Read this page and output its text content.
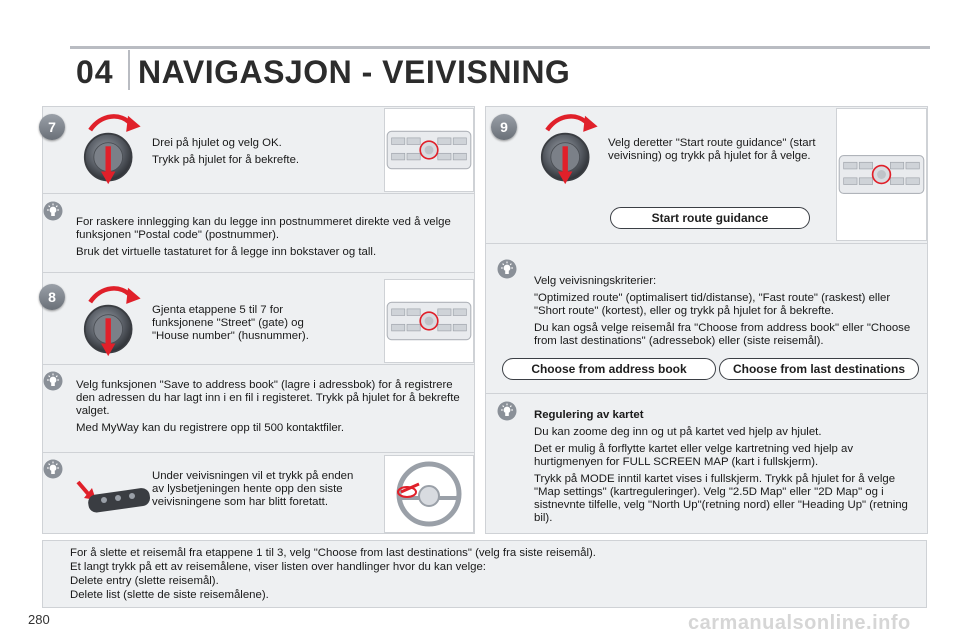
04 NAVIGASJON - VEIVISNING
7

Drei på hjulet og velg OK.

Trykk på hjulet for å bekrefte.

For raskere innlegging kan du legge inn postnummeret direkte ved å velge funksjonen "Postal code" (postnummer).

Bruk det virtuelle tastaturet for å legge inn bokstaver og tall.

8
Gjenta etappene 5 til 7 for funksjonene "Street" (gate) og "House number" (husnummer).

Velg funksjonen "Save to address book" (lagre i adressbok) for å registrere den adressen du har lagt inn i en fil i registeret. Trykk på hjulet for å bekrefte valget.

Med MyWay kan du registrere opp til 500 kontaktfiler.

Under veivisningen vil et trykk på enden av lysbetjeningen hente opp den siste veivisningene som har blitt foretatt.
9
Velg deretter "Start route guidance" (start veivisning) og trykk på hjulet for å velge.
Start route guidance

Velg veivisningskriterier:

"Optimized route" (optimalisert tid/distanse), "Fast route" (raskest) eller "Short route" (kortest), eller og trykk på hjulet for å bekrefte.

Du kan også velge reisemål fra "Choose from address book" eller "Choose from last destinations" (adressebok) eller (siste reisemål).

Choose from address book	Choose from last destinations

Regulering av kartet

Du kan zoome deg inn og ut på kartet ved hjelp av hjulet.

Det er mulig å forflytte kartet eller velge kartretning ved hjelp av hurtigmenyen for FULL SCREEN MAP (kart i fullskjerm).

Trykk på MODE inntil kartet vises i fullskjerm. Trykk på hjulet for å velge "Map settings" (kartreguleringer). Velg "2.5D Map" eller "2D Map" og i sistnevnte tilfelle, velg "North Up"(retning nord) eller "Heading Up" (retning bil).

For å slette et reisemål fra etappene 1 til 3, velg "Choose from last destinations" (velg fra siste reisemål).

Et langt trykk på ett av reisemålene, viser listen over handlinger hvor du kan velge:

Delete entry (slette reisemål).

Delete list (slette de siste reisemålene).

280	carmanualsonline.info
